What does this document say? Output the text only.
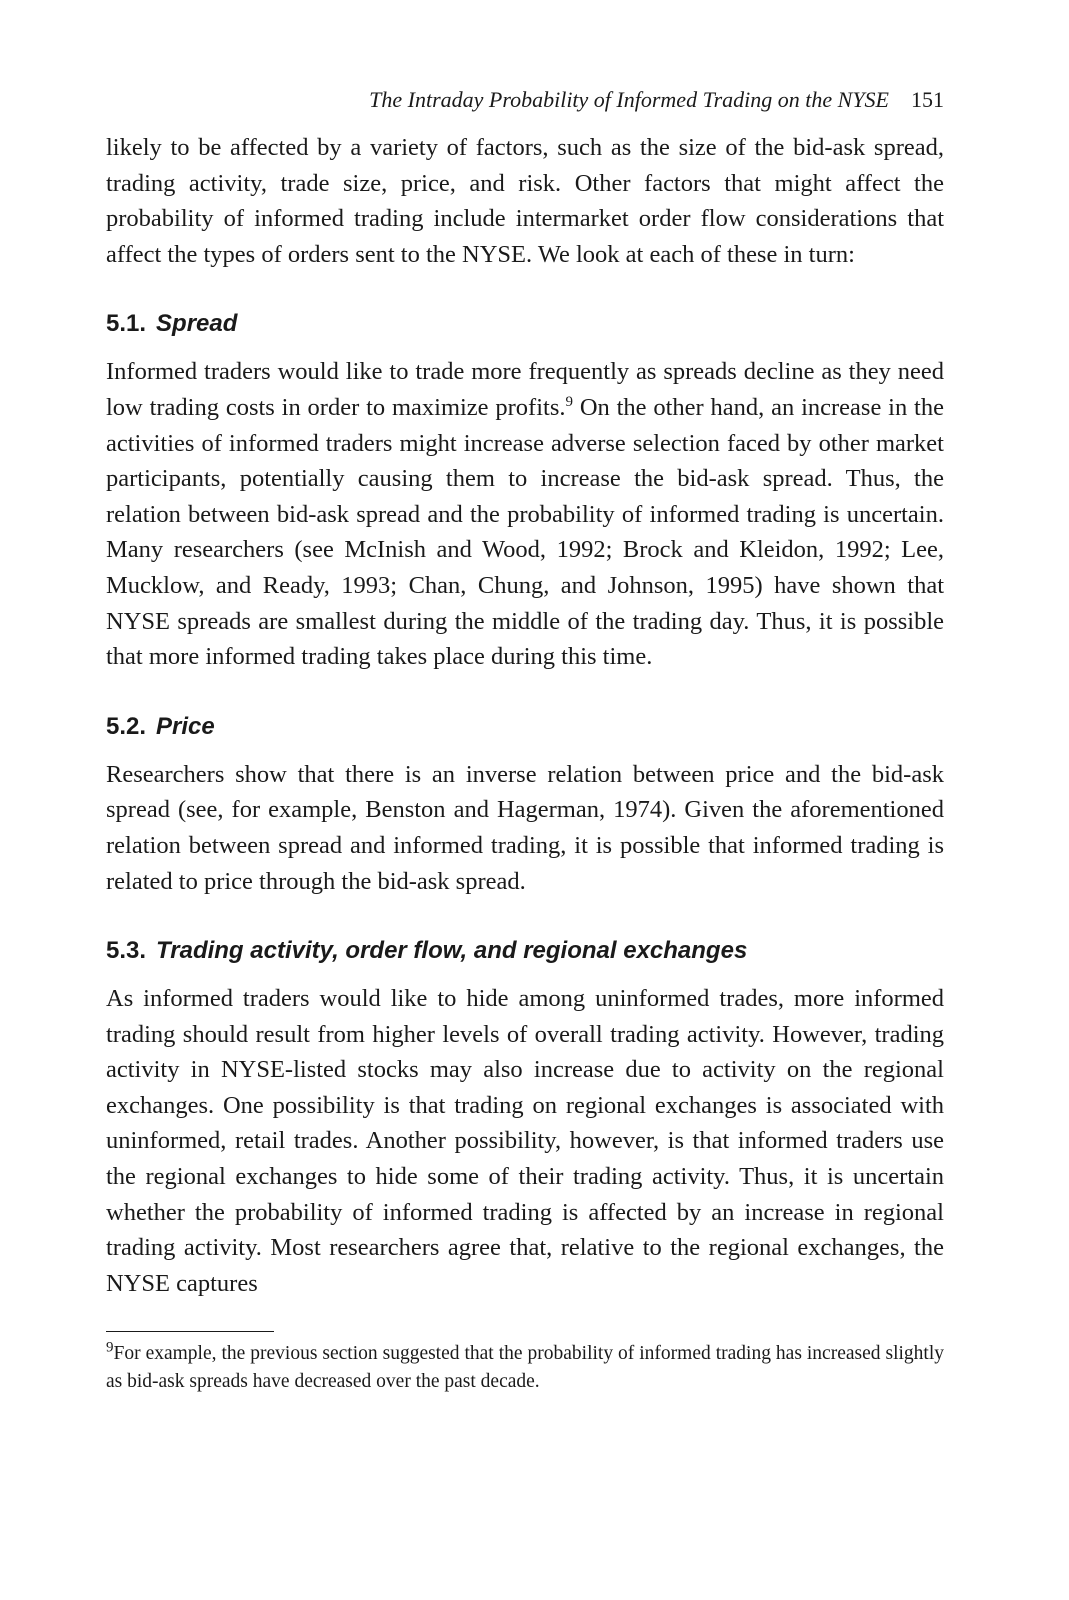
The Intraday Probability of Informed Trading on the NYSE 151

likely to be affected by a variety of factors, such as the size of the bid-ask spread, trading activity, trade size, price, and risk. Other factors that might affect the probability of informed trading include intermarket order flow considerations that affect the types of orders sent to the NYSE. We look at each of these in turn:

5.1. Spread

Informed traders would like to trade more frequently as spreads decline as they need low trading costs in order to maximize profits.$^9$ On the other hand, an increase in the activities of informed traders might increase adverse selection faced by other market participants, potentially causing them to increase the bid-ask spread. Thus, the relation between bid-ask spread and the probability of informed trading is uncertain. Many researchers (see McInish and Wood, 1992; Brock and Kleidon, 1992; Lee, Mucklow, and Ready, 1993; Chan, Chung, and Johnson, 1995) have shown that NYSE spreads are smallest during the middle of the trading day. Thus, it is possible that more informed trading takes place during this time.

5.2. Price

Researchers show that there is an inverse relation between price and the bid-ask spread (see, for example, Benston and Hagerman, 1974). Given the aforementioned relation between spread and informed trading, it is possible that informed trading is related to price through the bid-ask spread.

5.3. Trading activity, order flow, and regional exchanges

As informed traders would like to hide among uninformed trades, more informed trading should result from higher levels of overall trading activity. However, trading activity in NYSE-listed stocks may also increase due to activity on the regional exchanges. One possibility is that trading on regional exchanges is associated with uninformed, retail trades. Another possibility, however, is that informed traders use the regional exchanges to hide some of their trading activity. Thus, it is uncertain whether the probability of informed trading is affected by an increase in regional trading activity. Most researchers agree that, relative to the regional exchanges, the NYSE captures

$^9$For example, the previous section suggested that the probability of informed trading has increased slightly as bid-ask spreads have decreased over the past decade.
